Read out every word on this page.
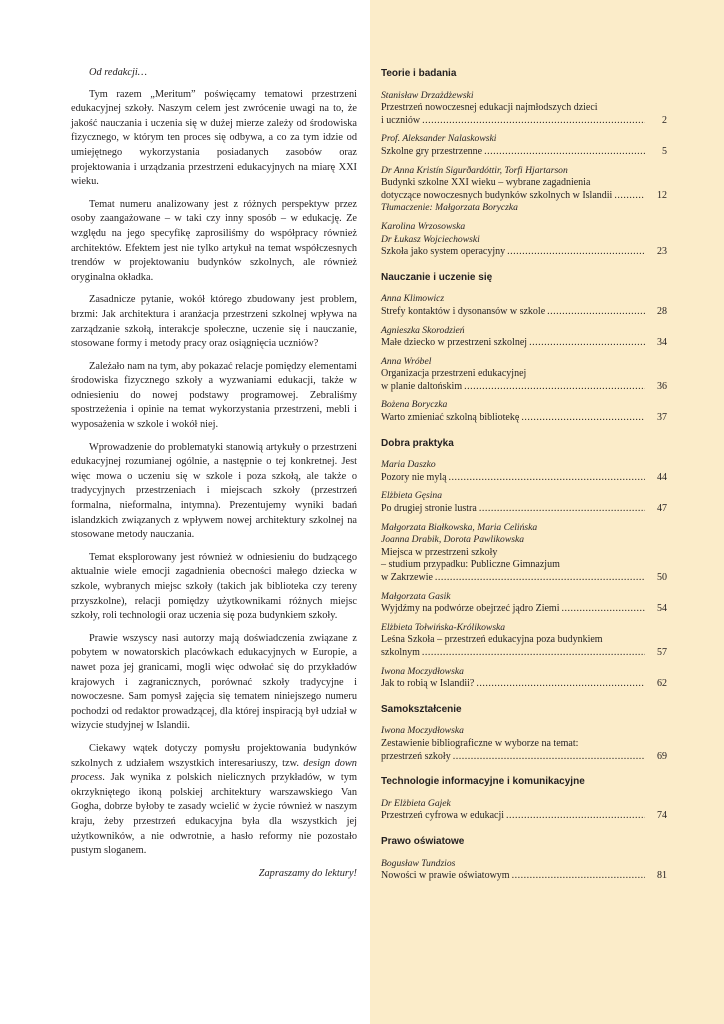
Od redakcji…

Tym razem „Meritum” poświęcamy tematowi przestrzeni edukacyjnej szkoły. Naszym celem jest zwrócenie uwagi na to, że jakość nauczania i uczenia się w dużej mierze zależy od środowiska fizycznego, w którym ten proces się odbywa, a co za tym idzie od umiejętnego wykorzystania posiadanych zasobów oraz projektowania i urządzania przestrzeni edukacyjnych na miarę XXI wieku.

Temat numeru analizowany jest z różnych perspektyw przez osoby zaangażowane – w taki czy inny sposób – w edukację. Ze względu na jego specyfikę zaprosiliśmy do współpracy również architektów. Efektem jest nie tylko artykuł na temat współczesnych trendów w projektowaniu budynków szkolnych, ale również oryginalna okładka.

Zasadnicze pytanie, wokół którego zbudowany jest problem, brzmi: Jak architektura i aranżacja przestrzeni szkolnej wpływa na zarządzanie szkołą, interakcje społeczne, uczenie się i nauczanie, stosowane formy i metody pracy oraz osiągnięcia uczniów?

Zależało nam na tym, aby pokazać relacje pomiędzy elementami środowiska fizycznego szkoły a wyzwaniami edukacji, także w odniesieniu do nowej podstawy programowej. Zebraliśmy spostrzeżenia i opinie na temat wykorzystania przestrzeni, mebli i wyposażenia w szkole i wokół niej.

Wprowadzenie do problematyki stanowią artykuły o przestrzeni edukacyjnej rozumianej ogólnie, a następnie o tej konkretnej. Jest więc mowa o uczeniu się w szkole i poza szkołą, ale także o tradycyjnych przestrzeniach i miejscach szkoły (przestrzeń formalna, nieformalna, intymna). Prezentujemy wyniki badań islandzkich związanych z wpływem nowej architektury szkolnej na stosowane metody nauczania.

Temat eksplorowany jest również w odniesieniu do budzącego aktualnie wiele emocji zagadnienia obecności małego dziecka w szkole, wybranych miejsc szkoły (takich jak biblioteka czy tereny przyszkolne), relacji pomiędzy użytkownikami różnych miejsc szkoły, roli technologii oraz uczenia się poza budynkiem szkoły.

Prawie wszyscy nasi autorzy mają doświadczenia związane z pobytem w nowatorskich placówkach edukacyjnych w Europie, a nawet poza jej granicami, mogli więc odwołać się do przykładów krajowych i zagranicznych, porównać szkoły tradycyjne i nowoczesne. Sam pomysł zajęcia się tematem niniejszego numeru pochodzi od redaktor prowadzącej, dla której inspiracją był udział w wizycie studyjnej w Islandii.

Ciekawy wątek dotyczy pomysłu projektowania budynków szkolnych z udziałem wszystkich interesariuszy, tzw. design down process. Jak wynika z polskich nielicznych przykładów, w tym okrzykniętego ikoną polskiej architektury warszawskiego Van Gogha, dobrze byłoby te zasady wcielić w życie również w naszym kraju, żeby przestrzeń edukacyjna była dla wszystkich jej użytkowników, a nie odwrotnie, a hasło reformy nie pozostało pustym sloganem.

Zapraszamy do lektury!
Teorie i badania
Stanisław Drzażdżewski
Przestrzeń nowoczesnej edukacji najmłodszych dzieci
i uczniów .....	2
Prof. Aleksander Nalaskowski
Szkolne gry przestrzenne .....	5
Dr Anna Kristín Sigurðardóttir, Torfi Hjartarson
Budynki szkolne XXI wieku – wybrane zagadnienia
dotyczące nowoczesnych budynków szkolnych w Islandii .....	12
Tłumaczenie: Małgorzata Boryczka
Karolina Wrzosowska
Dr Łukasz Wojciechowski
Szkoła jako system operacyjny .....	23
Nauczanie i uczenie się
Anna Klimowicz
Strefy kontaktów i dysonansów w szkole .....	28
Agnieszka Skorodzień
Małe dziecko w przestrzeni szkolnej .....	34
Anna Wróbel
Organizacja przestrzeni edukacyjnej
w planie daltońskim .....	36
Bożena Boryczka
Warto zmieniać szkolną bibliotekę .....	37
Dobra praktyka
Maria Daszko
Pozory nie mylą .....	44
Elżbieta Gęsina
Po drugiej stronie lustra .....	47
Małgorzata Białkowska, Maria Celińska
Joanna Drabik, Dorota Pawlikowska
Miejsca w przestrzeni szkoły
– studium przypadku: Publiczne Gimnazjum
w Zakrzewie .....	50
Małgorzata Gasik
Wyjdźmy na podwórze obejrzeć jądro Ziemi .....	54
Elżbieta Tołwińska-Królikowska
Leśna Szkoła – przestrzeń edukacyjna poza budynkiem
szkolnym .....	57
Iwona Moczydłowska
Jak to robią w Islandii? .....	62
Samokształcenie
Iwona Moczydłowska
Zestawienie bibliograficzne w wyborze na temat:
przestrzeń szkoły .....	69
Technologie informacyjne i komunikacyjne
Dr Elżbieta Gajek
Przestrzeń cyfrowa w edukacji .....	74
Prawo oświatowe
Bogusław Tundzios
Nowości w prawie oświatowym .....	81
